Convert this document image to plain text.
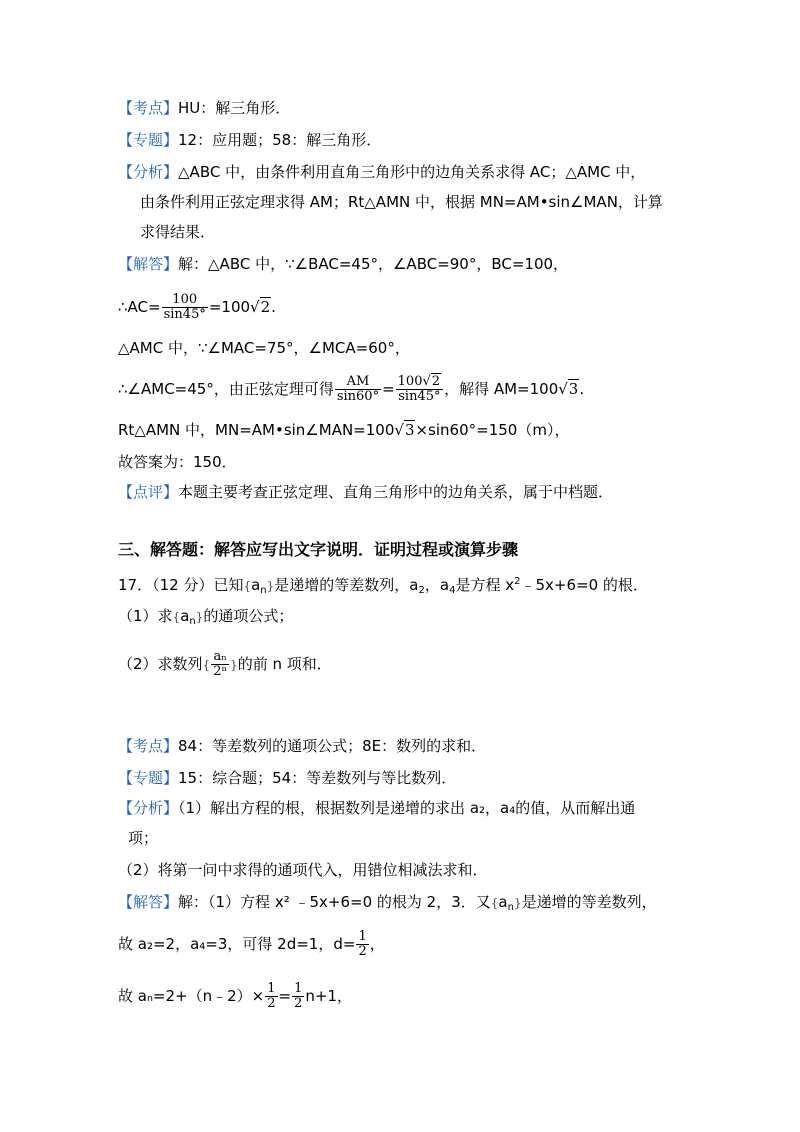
【考点】HU：解三角形．
【专题】12：应用题；58：解三角形．
【分析】△ABC 中，由条件利用直角三角形中的边角关系求得 AC；△AMC 中，
由条件利用正弦定理求得 AM；Rt△AMN 中，根据 MN=AM•sin∠MAN，计算
求得结果．
【解答】解：△ABC 中，∵∠BAC=45°，∠ABC=90°，BC=100，
∴AC= $\frac{100}{\sin 45^\circ} =100√2$.
△AMC 中，∵∠MAC=75°，∠MCA=60°，
∴∠AMC=45°，由正弦定理可得 $\frac{AM}{\sin 60^\circ} = \frac{100√2}{\sin 45^\circ}$ ，解得 AM=100√3.
Rt△AMN 中，MN=AM•sin∠MAN=100√3×sin60°=150（m），
故答案为：150．
【点评】本题主要考查正弦定理、直角三角形中的边角关系，属于中档题．
三、解答题：解答应写出文字说明．证明过程或演算步骤
17．（12 分）已知$\{a_n\}$是递增的等差数列，$a_2$，$a_4$是方程 $x^2﹣5x+6=0$ 的根．
（1）求$\{a_n\}$的通项公式；
（2）求数列{ $\frac{\text{aₙ}}{\text{2ⁿ}}$ }的前 n 项和．
【考点】84：等差数列的通项公式；8E：数列的求和．
【专题】15：综合题；54：等差数列与等比数列．
【分析】（1）解出方程的根，根据数列是递增的求出 a₂，a₄的值，从而解出通
项；
（2）将第一问中求得的通项代入，用错位相减法求和．
【解答】解：（1）方程 x² ﹣5x+6=0 的根为 2，3．又$\{a_n\}$是递增的等差数列，
故 a₂=2，a₄=3，可得 2d=1，$d= \frac{1}{2}$ ，
故 aₙ=2+（n﹣2）× $\frac{1}{2} = \frac{1}{2} n+1$，
